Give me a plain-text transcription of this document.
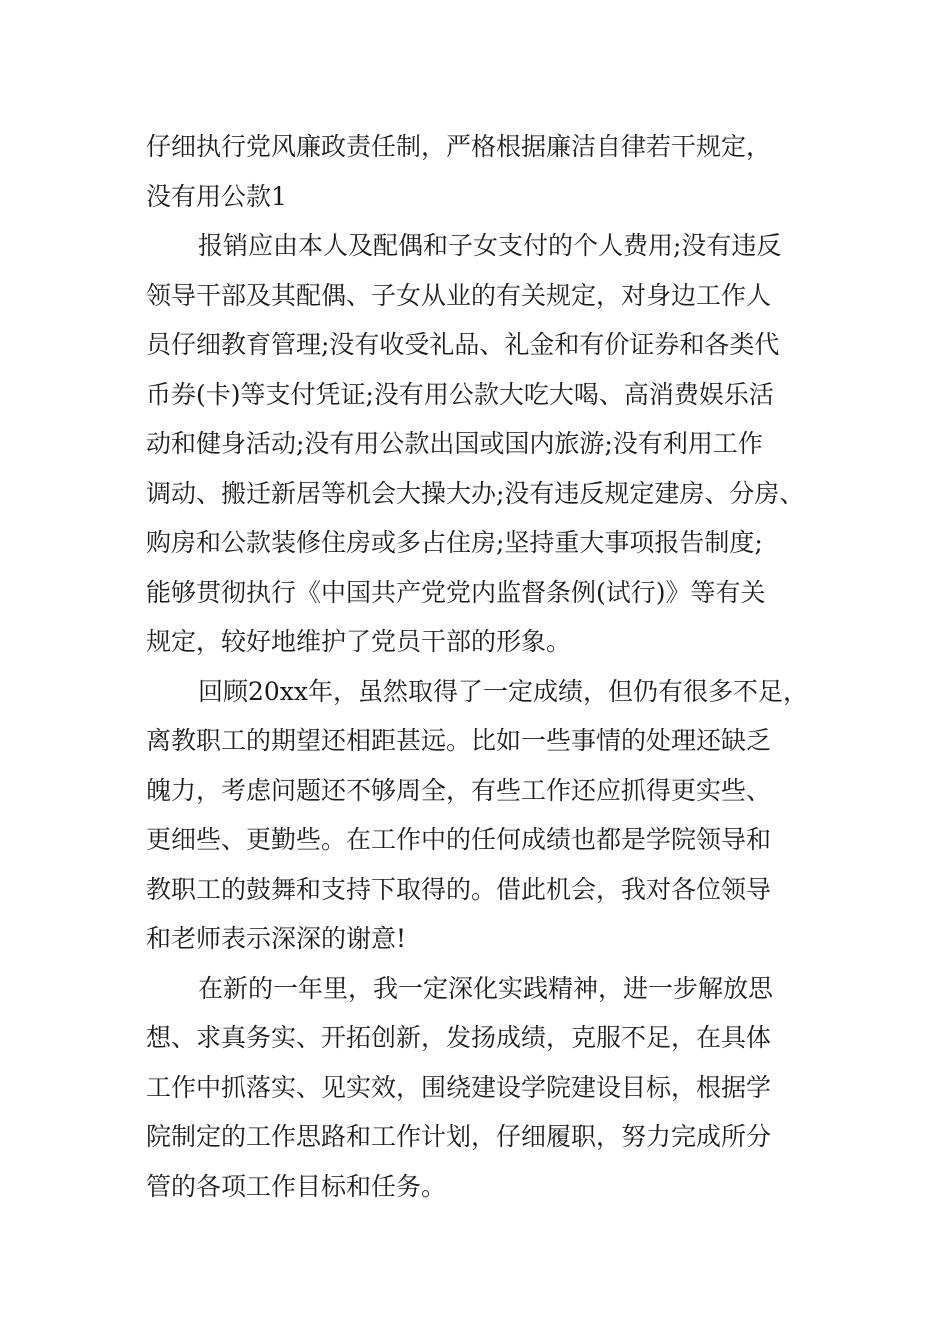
仔细执行党风廉政责任制，严格根据廉洁自律若干规定，
没有用公款1
报销应由本人及配偶和子女支付的个人费用;没有违反
领导干部及其配偶、子女从业的有关规定，对身边工作人
员仔细教育管理;没有收受礼品、礼金和有价证券和各类代
币券(卡)等支付凭证;没有用公款大吃大喝、高消费娱乐活
动和健身活动;没有用公款出国或国内旅游;没有利用工作
调动、搬迁新居等机会大操大办;没有违反规定建房、分房、
购房和公款装修住房或多占住房;坚持重大事项报告制度;
能够贯彻执行《中国共产党党内监督条例(试行)》等有关
规定，较好地维护了党员干部的形象。
回顾20xx年，虽然取得了一定成绩，但仍有很多不足，
离教职工的期望还相距甚远。比如一些事情的处理还缺乏
魄力，考虑问题还不够周全，有些工作还应抓得更实些、
更细些、更勤些。在工作中的任何成绩也都是学院领导和
教职工的鼓舞和支持下取得的。借此机会，我对各位领导
和老师表示深深的谢意!
在新的一年里，我一定深化实践精神，进一步解放思
想、求真务实、开拓创新，发扬成绩，克服不足，在具体
工作中抓落实、见实效，围绕建设学院建设目标，根据学
院制定的工作思路和工作计划，仔细履职，努力完成所分
管的各项工作目标和任务。
